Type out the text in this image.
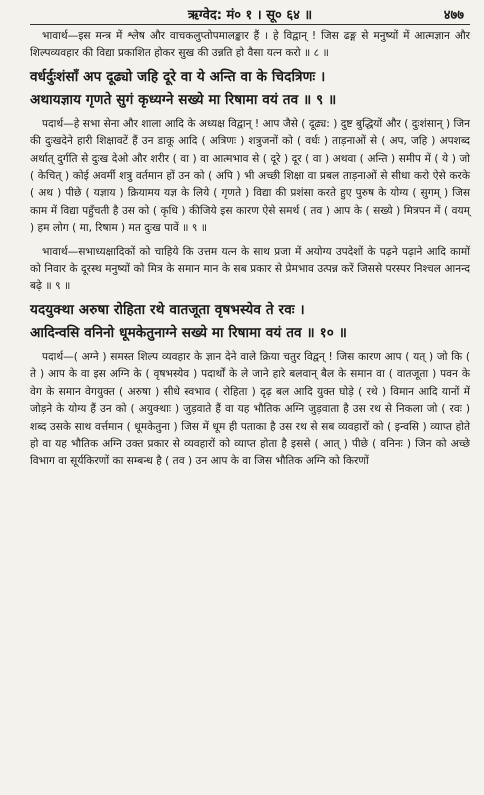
ऋग्वेद: मं० १ । सू० ६४ ॥	४७७

भावार्थ—इस मन्त्र में श्लेष और वाचकलुप्तोपमालङ्कार हैं । हे विद्वान् ! जिस ढङ्ग से मनुष्यों में आत्मज्ञान और शिल्पव्यवहार की विद्या प्रकाशित होकर सुख की उन्नति हो वैसा यत्न करो ॥ ८ ॥

वर्धर्दुःशंसाँ अप दूढ्यो जहि दूरे वा ये अन्ति वा के चिदत्रिणः ।
अथायज्ञाय गृणते सुगं कृध्यग्ने सख्ये मा रिषामा वयं तव ॥ ९ ॥

पदार्थ—हे सभा सेना और शाला आदि के अध्यक्ष विद्वान् ! आप जैसे ( दूढ्य: ) दुष्ट बुद्धियों और ( दुःशंसान् ) जिन की दुःखदेने हारी शिक्षावटें हैं उन डाकू आदि ( अत्रिणः ) शत्रुजनों को ( वर्धः ) ताड़नाओं से ( अप, जहि ) अपशब्द अर्थात् दुर्गति से दुःख देओ और शरीर ( वा ) वा आत्मभाव से ( दूरे ) दूर ( वा ) अथवा ( अन्ति ) समीप में ( ये ) जो ( केचित् ) कोई अवर्मी शत्रु वर्तमान हों उन को ( अपि ) भी अच्छी शिक्षा वा प्रबल ताड़नाओं से सीधा करो ऐसे करके ( अथ ) पीछे ( यज्ञाय ) क्रियामय यज्ञ के लिये ( गृणते ) विद्या की प्रशंसा करते हुए पुरुष के योग्य ( सुगम् ) जिस काम में विद्या पहुँचती है उस को ( कृधि ) कीजिये इस कारण ऐसे समर्थ ( तव ) आप के ( सख्ये ) मित्रपन में ( वयम् ) हम लोग ( मा, रिषाम ) मत दुःख पावें ॥ ९ ॥

भावार्थ—सभाध्यक्षादिकों को चाहिये कि उत्तम यत्न के साथ प्रजा में अयोग्य उपदेशों के पढ़ने पढ़ाने आदि कामों को निवार के दूरस्थ मनुष्यों को मित्र के समान मान के सब प्रकार से प्रेमभाव उत्पन्न करें जिससे परस्पर निश्चल आनन्द बढ़े ॥ ९ ॥

यदयुक्था अरुषा रोहिता रथे वातजूता वृषभस्येव ते रवः ।
आदिन्वसि वनिनो धूमकेतुनाग्ने सख्ये मा रिषामा वयं तव ॥ १० ॥

पदार्थ—( अग्ने ) समस्त शिल्प व्यवहार के ज्ञान देने वाले क्रिया चतुर विद्वन् ! जिस कारण आप ( यत् ) जो कि ( ते ) आप के वा इस अग्नि के ( वृषभस्येव ) पदार्थों के ले जाने हारे बलवान् बैल के समान वा ( वातजूता ) पवन के वेग के समान वेगयुक्त ( अरुषा ) सीधे स्वभाव ( रोहिता ) दृढ़ बल आदि युक्त घोड़े ( रथे ) विमान आदि यानों में जोड़ने के योग्य हैं उन को ( अयुक्थाः ) जुड़वाते हैं वा यह भौतिक अग्नि जुड़वाता है उस रथ से निकला जो ( रवः ) शब्द उसके साथ वर्त्तमान ( धूमकेतुना ) जिस में धूम ही पताका है उस रथ से सब व्यवहारों को ( इन्वसि ) व्याप्त होते हो वा यह भौतिक अग्नि उक्त प्रकार से व्यवहारों को व्याप्त होता है इससे ( आत् ) पीछे ( वनिनः ) जिन को अच्छे विभाग वा सूर्यकिरणों का सम्बन्ध है ( तव ) उन आप के वा जिस भौतिक अग्नि को किरणों
